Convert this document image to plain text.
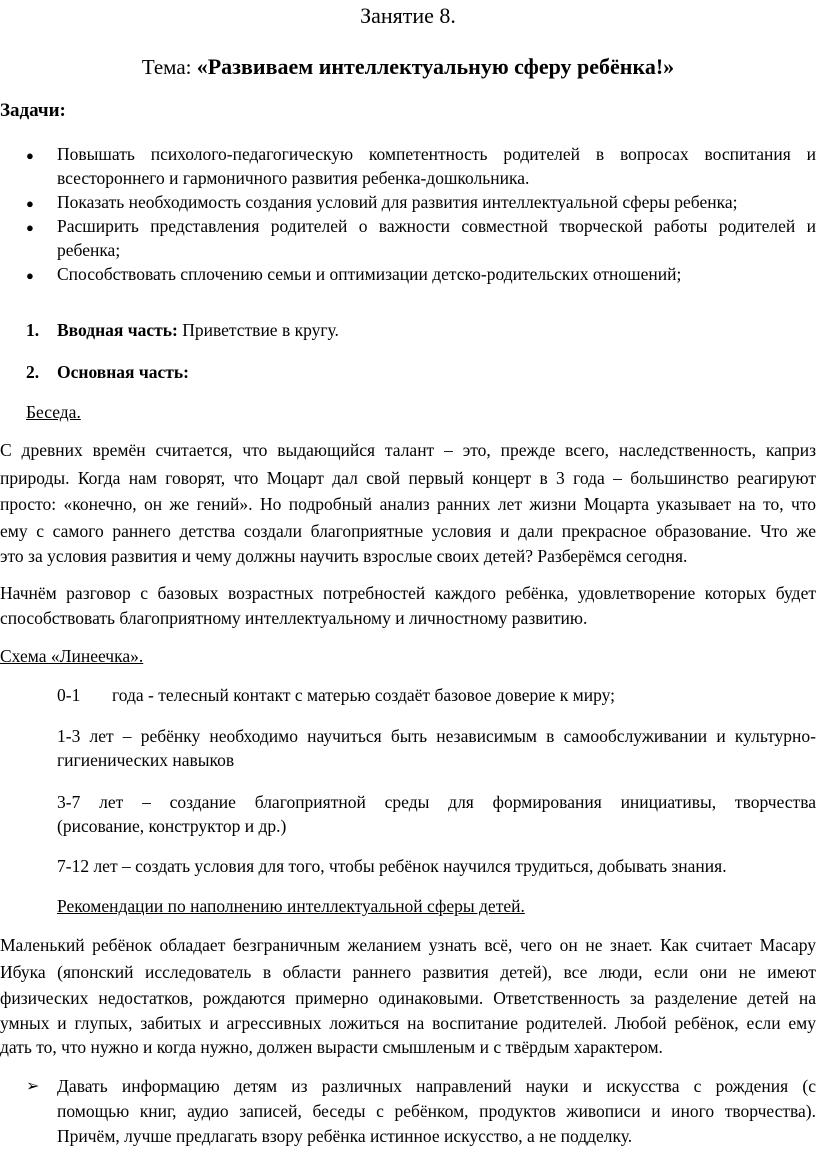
Занятие 8.
Тема: «Развиваем интеллектуальную сферу ребёнка!»
Задачи:
● Повышать психолого-педагогическую компетентность родителей в вопросах воспитания и
всестороннего и гармоничного развития ребенка-дошкольника.
● Показать необходимость создания условий для развития интеллектуальной сферы ребенка;
● Расширить представления родителей о важности совместной творческой работы родителей и
ребенка;
● Способствовать сплочению семьи и оптимизации детско-родительских отношений;
1. Вводная часть: Приветствие в кругу.
2. Основная часть:
Беседа.
С древних времён считается, что выдающийся талант – это, прежде всего, наследственность, каприз
природы. Когда нам говорят, что Моцарт дал свой первый концерт в 3 года – большинство реагируют
просто: «конечно, он же гений». Но подробный анализ ранних лет жизни Моцарта указывает на то, что
ему с самого раннего детства создали благоприятные условия и дали прекрасное образование. Что же
это за условия развития и чему должны научить взрослые своих детей? Разберёмся сегодня.
Начнём разговор с базовых возрастных потребностей каждого ребёнка, удовлетворение которых будет
способствовать благоприятному интеллектуальному и личностному развитию.
Схема «Линеечка».
0-1 года - телесный контакт с матерью создаёт базовое доверие к миру;
1-3 лет – ребёнку необходимо научиться быть независимым в самообслуживании и культурно-
гигиенических навыков
3-7 лет – создание благоприятной среды для формирования инициативы, творчества
(рисование, конструктор и др.)
7-12 лет – создать условия для того, чтобы ребёнок научился трудиться, добывать знания.
Рекомендации по наполнению интеллектуальной сферы детей.
Маленький ребёнок обладает безграничным желанием узнать всё, чего он не знает. Как считает Масару
Ибука (японский исследователь в области раннего развития детей), все люди, если они не имеют
физических недостатков, рождаются примерно одинаковыми. Ответственность за разделение детей на
умных и глупых, забитых и агрессивных ложиться на воспитание родителей. Любой ребёнок, если ему
дать то, что нужно и когда нужно, должен вырасти смышленым и с твёрдым характером.
➢ Давать информацию детям из различных направлений науки и искусства с рождения (с
помощью книг, аудио записей, беседы с ребёнком, продуктов живописи и иного творчества).
Причём, лучше предлагать взору ребёнка истинное искусство, а не подделку.
